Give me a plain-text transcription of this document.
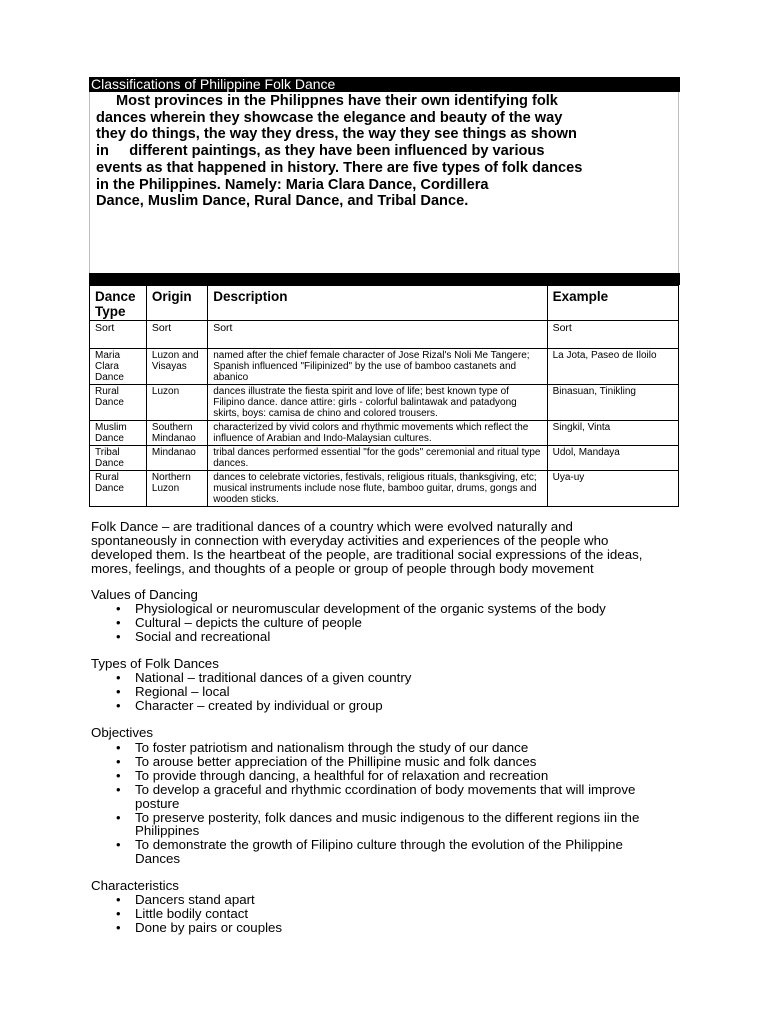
Classifications of Philippine Folk Dance
Most provinces in the Philippnes have their own identifying folk
dances wherein they showcase the elegance and beauty of the way
they do things, the way they dress, the way they see things as shown
in     different paintings, as they have been influenced by various
events as that happened in history. There are five types of folk dances
in the Philippines. Namely: Maria Clara Dance, Cordillera
Dance, Muslim Dance, Rural Dance, and Tribal Dance.
Dance Type	Origin	Description	Example
Sort	Sort	Sort	Sort
Maria Clara Dance	Luzon and Visayas	named after the chief female character of Jose Rizal's Noli Me Tangere; Spanish influenced "Filipinized" by the use of bamboo castanets and abanico	La Jota, Paseo de Iloilo
Rural Dance	Luzon	dances illustrate the fiesta spirit and love of life; best known type of Filipino dance. dance attire: girls - colorful balintawak and patadyong skirts, boys: camisa de chino and colored trousers.	Binasuan, Tinikling
Muslim Dance	Southern Mindanao	characterized by vivid colors and rhythmic movements which reflect the influence of Arabian and Indo-Malaysian cultures.	Singkil, Vinta
Tribal Dance	Mindanao	tribal dances performed essential "for the gods" ceremonial and ritual type dances.	Udol, Mandaya
Rural Dance	Northern Luzon	dances to celebrate victories, festivals, religious rituals, thanksgiving, etc; musical instruments include nose flute, bamboo guitar, drums, gongs and wooden sticks.	Uya-uy
Folk Dance – are traditional dances of a country which were evolved naturally and
spontaneously in connection with everyday activities and experiences of the people who
developed them. Is the heartbeat of the people, are traditional social expressions of the ideas,
mores, feelings, and thoughts of a people or group of people through body movement
Values of Dancing
• Physiological or neuromuscular development of the organic systems of the body
• Cultural – depicts the culture of people
• Social and recreational
Types of Folk Dances
• National – traditional dances of a given country
• Regional – local
• Character – created by individual or group
Objectives
• To foster patriotism and nationalism through the study of our dance
• To arouse better appreciation of the Phillipine music and folk dances
• To provide through dancing, a healthful for of relaxation and recreation
• To develop a graceful and rhythmic ccordination of body movements that will improve
posture
• To preserve posterity, folk dances and music indigenous to the different regions iin the
Philippines
• To demonstrate the growth of Filipino culture through the evolution of the Philippine
Dances
Characteristics
• Dancers stand apart
• Little bodily contact
• Done by pairs or couples
